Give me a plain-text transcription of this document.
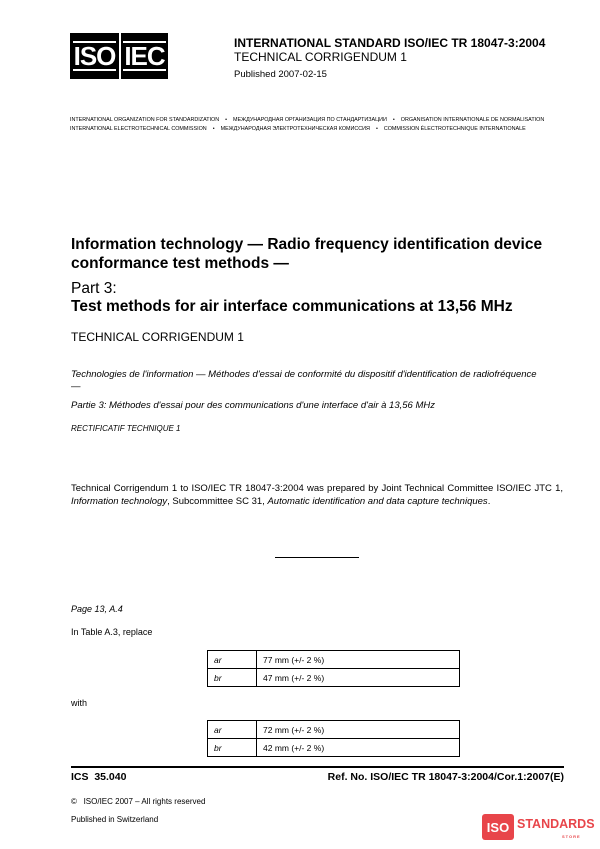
ISO IEC	INTERNATIONAL STANDARD ISO/IEC TR 18047-3:2004
TECHNICAL CORRIGENDUM 1
Published 2007-02-15
INTERNATIONAL ORGANIZATION FOR STANDARDIZATION • МЕЖДУНАРОДНАЯ ОРГАНИЗАЦИЯ ПО СТАНДАРТИЗАЦИИ • ORGANISATION INTERNATIONALE DE NORMALISATION
INTERNATIONAL ELECTROTECHNICAL COMMISSION • МЕЖДУНАРОДНАЯ ЭЛЕКТРОТЕХНИЧЕСКАЯ КОМИССИЯ • COMMISSION ÉLECTROTECHNIQUE INTERNATIONALE
Information technology — Radio frequency identification device conformance test methods —
Part 3:
Test methods for air interface communications at 13,56 MHz
TECHNICAL CORRIGENDUM 1
Technologies de l'information — Méthodes d'essai de conformité du dispositif d'identification de radiofréquence —
Partie 3: Méthodes d'essai pour des communications d'une interface d'air à 13,56 MHz
RECTIFICATIF TECHNIQUE 1
Technical Corrigendum 1 to ISO/IEC TR 18047-3:2004 was prepared by Joint Technical Committee ISO/IEC JTC 1, Information technology, Subcommittee SC 31, Automatic identification and data capture techniques.
Page 13, A.4
In Table A.3, replace
ar	77 mm (+/- 2 %)
br	47 mm (+/- 2 %)
with
ar	72 mm (+/- 2 %)
br	42 mm (+/- 2 %)
ICS  35.040	Ref. No. ISO/IEC TR 18047-3:2004/Cor.1:2007(E)
©   ISO/IEC 2007 – All rights reserved
Published in Switzerland	ISO STANDARDS
STORE
